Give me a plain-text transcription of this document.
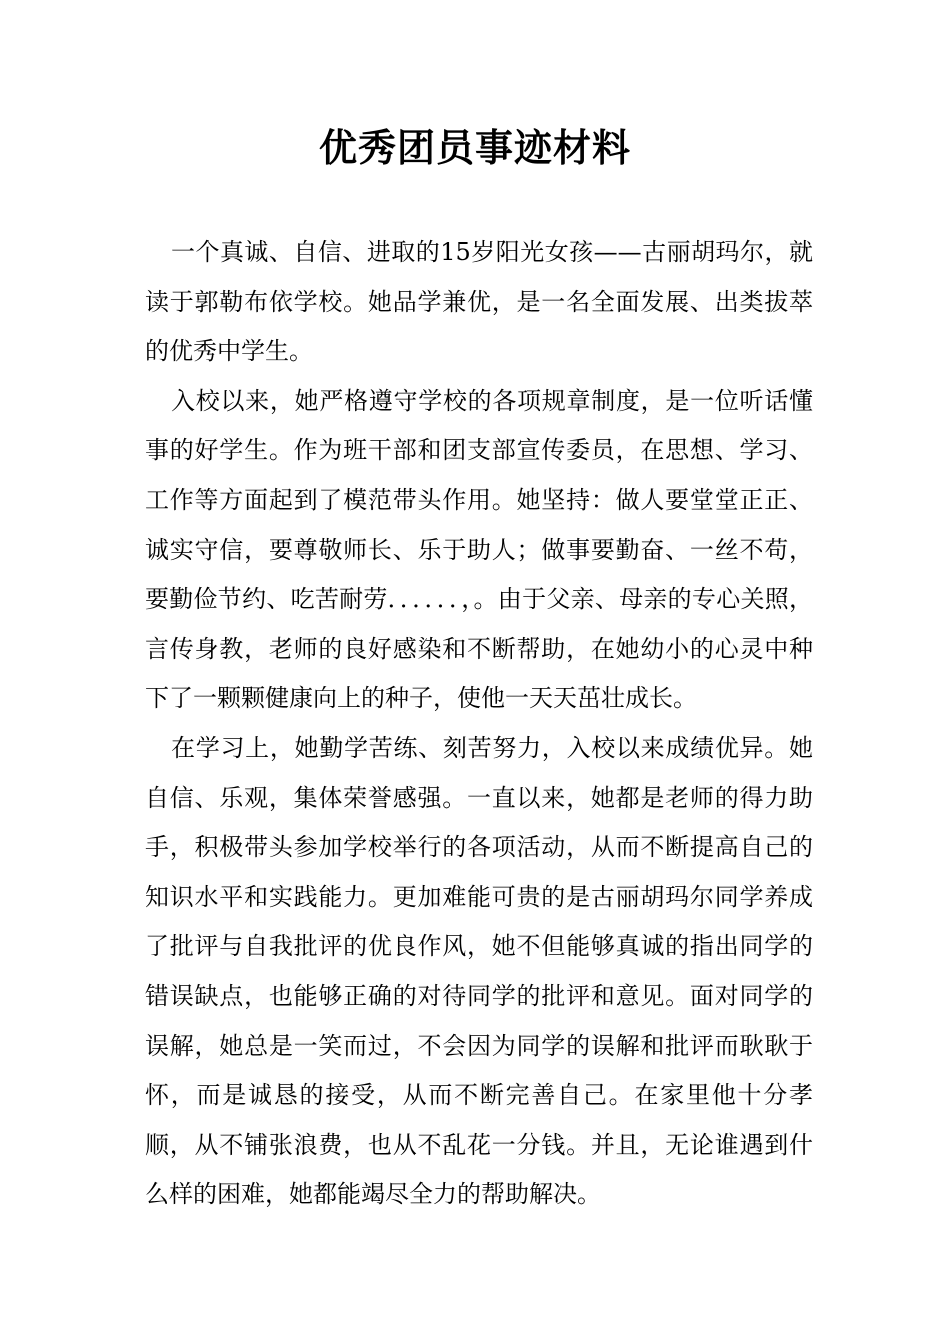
优秀团员事迹材料

一个真诚、自信、进取的15岁阳光女孩——古丽胡玛尔，就读于郭勒布依学校。她品学兼优，是一名全面发展、出类拔萃的优秀中学生。

入校以来，她严格遵守学校的各项规章制度，是一位听话懂事的好学生。作为班干部和团支部宣传委员，在思想、学习、工作等方面起到了模范带头作用。她坚持：做人要堂堂正正、诚实守信，要尊敬师长、乐于助人；做事要勤奋、一丝不苟，要勤俭节约、吃苦耐劳．．．．．．，。由于父亲、母亲的专心关照，言传身教，老师的良好感染和不断帮助，在她幼小的心灵中种下了一颗颗健康向上的种子，使他一天天茁壮成长。

在学习上，她勤学苦练、刻苦努力，入校以来成绩优异。她自信、乐观，集体荣誉感强。一直以来，她都是老师的得力助手，积极带头参加学校举行的各项活动，从而不断提高自己的知识水平和实践能力。更加难能可贵的是古丽胡玛尔同学养成了批评与自我批评的优良作风，她不但能够真诚的指出同学的错误缺点，也能够正确的对待同学的批评和意见。面对同学的误解，她总是一笑而过，不会因为同学的误解和批评而耿耿于怀，而是诚恳的接受，从而不断完善自己。在家里他十分孝顺，从不铺张浪费，也从不乱花一分钱。并且，无论谁遇到什么样的困难，她都能竭尽全力的帮助解决。
